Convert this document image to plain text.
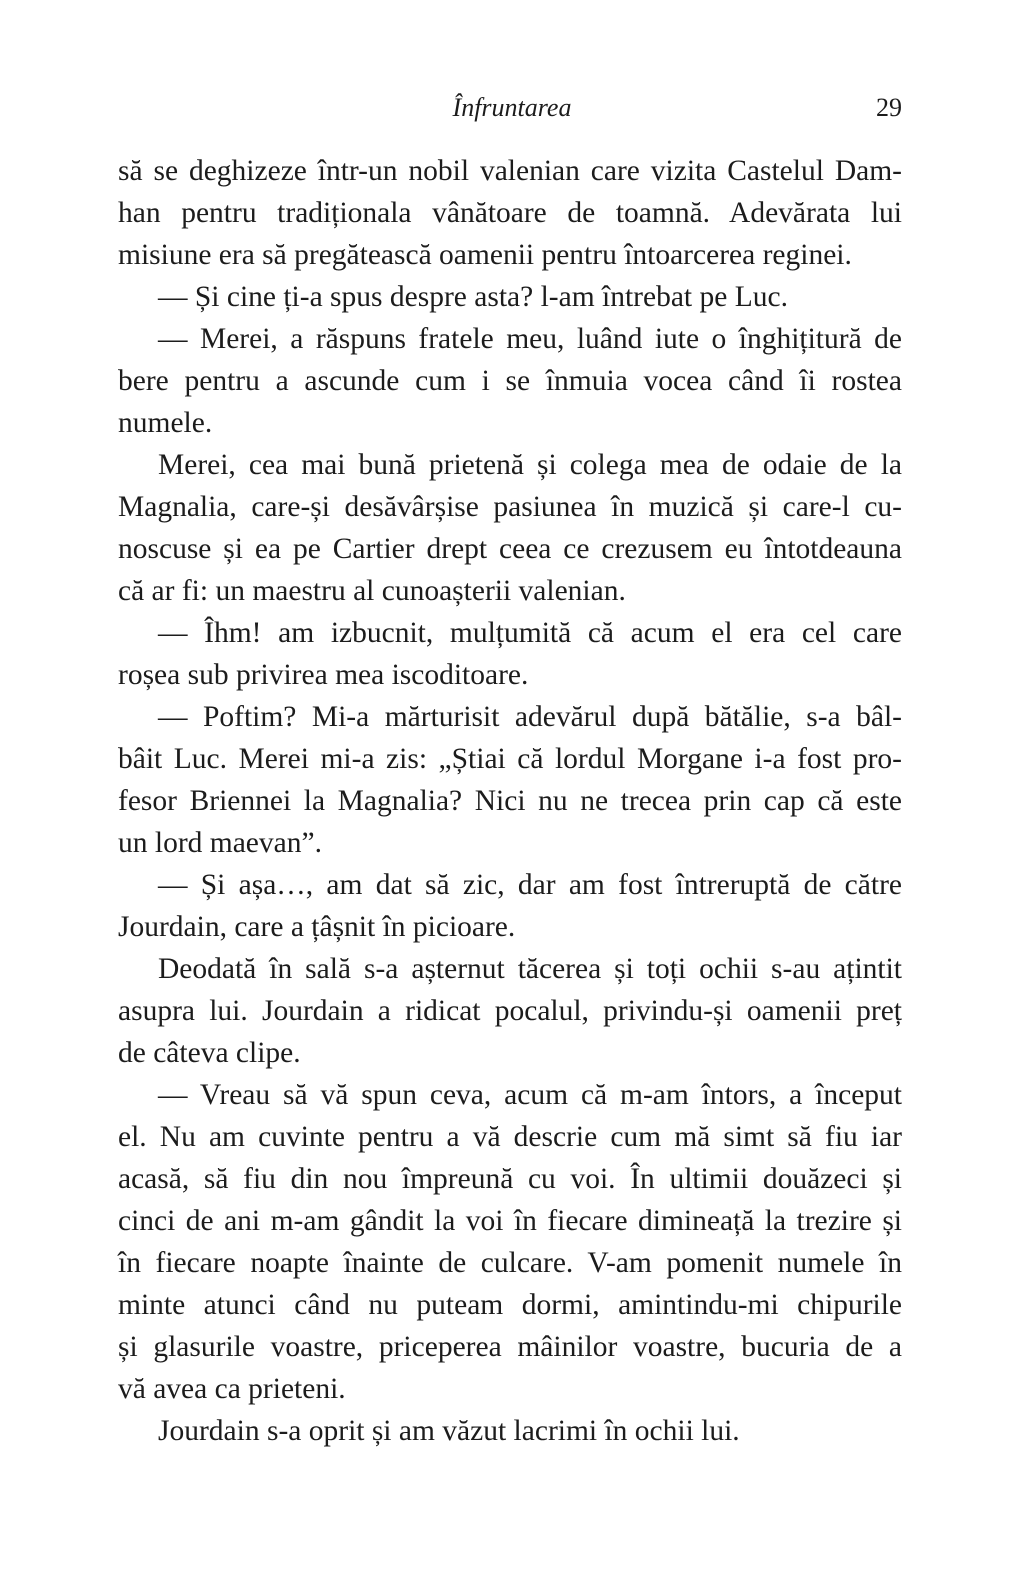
Înfruntarea	29
să se deghizeze într-un nobil valenian care vizita Castelul Dam-
han pentru tradiționala vânătoare de toamnă. Adevărata lui
misiune era să pregătească oamenii pentru întoarcerea reginei.
— Și cine ți-a spus despre asta? l-am întrebat pe Luc.
— Merei, a răspuns fratele meu, luând iute o înghițitură de
bere pentru a ascunde cum i se înmuia vocea când îi rostea
numele.
Merei, cea mai bună prietenă și colega mea de odaie de la
Magnalia, care-și desăvârșise pasiunea în muzică și care-l cu-
noscuse și ea pe Cartier drept ceea ce crezusem eu întotdeauna
că ar fi: un maestru al cunoașterii valenian.
— Îhm! am izbucnit, mulțumită că acum el era cel care
roșea sub privirea mea iscoditoare.
— Poftim? Mi-a mărturisit adevărul după bătălie, s-a bâl-
bâit Luc. Merei mi-a zis: „Știai că lordul Morgane i-a fost pro-
fesor Briennei la Magnalia? Nici nu ne trecea prin cap că este
un lord maevan”.
— Și așa…, am dat să zic, dar am fost întreruptă de către
Jourdain, care a țâșnit în picioare.
Deodată în sală s-a așternut tăcerea și toți ochii s-au ațintit
asupra lui. Jourdain a ridicat pocalul, privindu-și oamenii preț
de câteva clipe.
— Vreau să vă spun ceva, acum că m-am întors, a început
el. Nu am cuvinte pentru a vă descrie cum mă simt să fiu iar
acasă, să fiu din nou împreună cu voi. În ultimii douăzeci și
cinci de ani m-am gândit la voi în fiecare dimineață la trezire și
în fiecare noapte înainte de culcare. V-am pomenit numele în
minte atunci când nu puteam dormi, amintindu-mi chipurile
și glasurile voastre, priceperea mâinilor voastre, bucuria de a
vă avea ca prieteni.
Jourdain s-a oprit și am văzut lacrimi în ochii lui.
